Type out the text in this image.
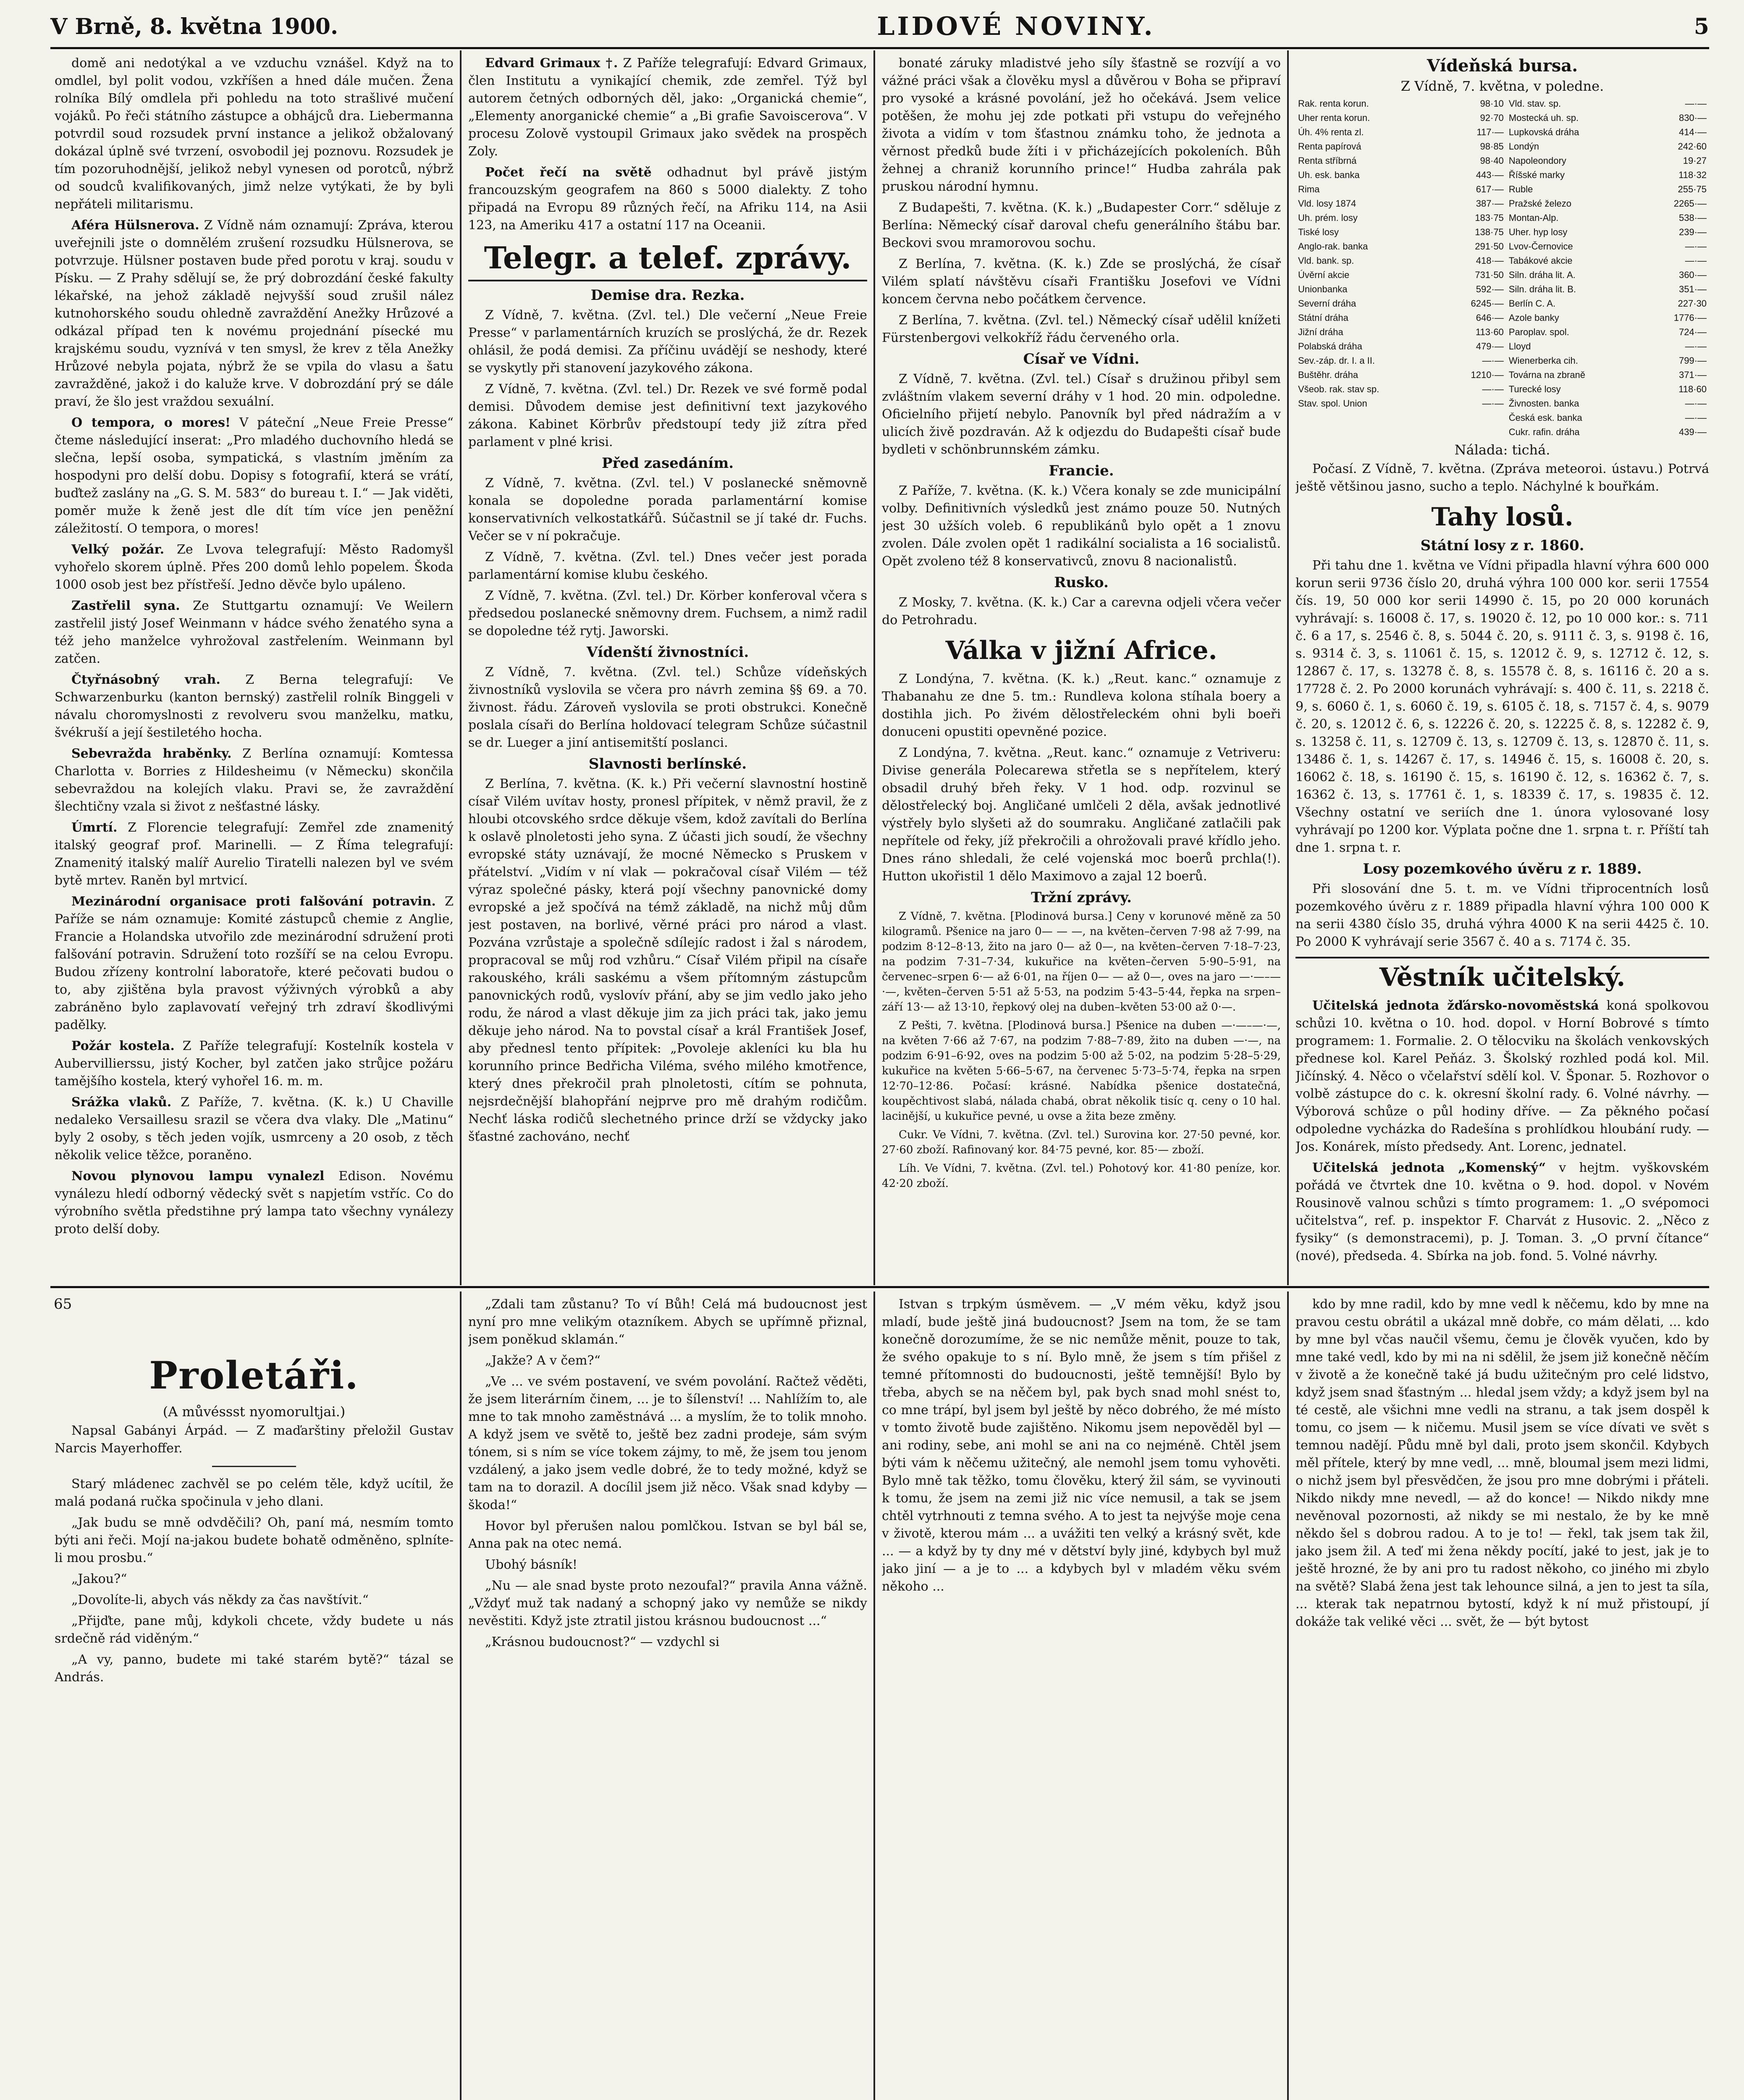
V Brně, 8. května 1900.	LIDOVÉ NOVINY.	5

domě ani nedotýkal a ve vzduchu vznášel. Když na to omdlel, byl polit vodou, vzkříšen a hned dále mučen. Žena rolníka Bílý omdlela při pohledu na toto strašlivé mučení vojáků. Po řeči státního zástupce a obhájců dra. Liebermanna potvrdil soud rozsudek první instance a jelikož obžalovaný dokázal úplně své tvrzení, osvobodil jej poznovu. Rozsudek je tím pozoruhodnější, jelikož nebyl vynesen od porotců, nýbrž od soudců kvalifikovaných, jimž nelze vytýkati, že by byli nepřáteli militarismu.

Aféra Hülsnerova. Z Vídně nám oznamují: Zpráva, kterou uveřejnili jste o domnělém zrušení rozsudku Hülsnerova, se potvrzuje. Hülsner postaven bude před porotu v kraj. soudu v Písku. — Z Prahy sdělují se, že prý dobrozdání české fakulty lékařské, na jehož základě nejvyšší soud zrušil nález kutnohorského soudu ohledně zavraždění Anežky Hrůzové a odkázal případ ten k novému projednání písecké mu krajskému soudu, vyznívá v ten smysl, že krev z těla Anežky Hrůzové nebyla pojata, nýbrž že se vpila do vlasu a šatu zavražděné, jakož i do kaluže krve. V dobrozdání prý se dále praví, že šlo jest vraždou sexuální.

O tempora, o mores! V páteční „Neue Freie Presse“ čteme následující inserat: „Pro mladého duchovního hledá se slečna, lepší osoba, sympatická, s vlastním jměním za hospodyni pro delší dobu. Dopisy s fotografií, která se vrátí, buďtež zaslány na „G. S. M. 583“ do bureau t. I.“ — Jak viděti, poměr muže k ženě jest dle dít tím více jen peněžní záležitostí. O tempora, o mores!

Velký požár. Ze Lvova telegrafují: Město Radomyšl vyhořelo skorem úplně. Přes 200 domů lehlo popelem. Škoda 1000 osob jest bez přístřeší. Jedno děvče bylo upáleno.

Zastřelil syna. Ze Stuttgartu oznamují: Ve Weilern zastřelil jistý Josef Weinmann v hádce svého ženatého syna a též jeho manželce vyhrožoval zastřelením. Weinmann byl zatčen.

Čtyřnásobný vrah. Z Berna telegrafují: Ve Schwarzenburku (kanton bernský) zastřelil rolník Binggeli v návalu choromyslnosti z revolveru svou manželku, matku, švékruší a její šestiletého hocha.

Sebevražda hraběnky. Z Berlína oznamují: Komtessa Charlotta v. Borries z Hildesheimu (v Německu) skončila sebevraždou na kolejích vlaku. Pravi se, že zavraždění šlechtičny vzala si život z nešťastné lásky.

Úmrtí. Z Florencie telegrafují: Zemřel zde znamenitý italský geograf prof. Marinelli. — Z Říma telegrafují: Znamenitý italský malíř Aurelio Tiratelli nalezen byl ve svém bytě mrtev. Raněn byl mrtvicí.

Mezinárodní organisace proti falšování potravin. Z Paříže se nám oznamuje: Komité zástupců chemie z Anglie, Francie a Holandska utvořilo zde mezinárodní sdružení proti falšování potravin. Sdružení toto rozšíří se na celou Evropu. Budou zřízeny kontrolní laboratoře, které pečovati budou o to, aby zjištěna byla pravost výživných výrobků a aby zabráněno bylo zaplavovatí veřejný trh zdraví škodlivými padělky.

Požár kostela. Z Paříže telegrafují: Kostelník kostela v Aubervillierssu, jistý Kocher, byl zatčen jako strůjce požáru tamějšího kostela, který vyhořel 16. m. m.

Srážka vlaků. Z Paříže, 7. května. (K. k.) U Chaville nedaleko Versaillesu srazil se včera dva vlaky. Dle „Matinu“ byly 2 osoby, s těch jeden vojík, usmrceny a 20 osob, z těch několik velice těžce, poraněno.

Novou plynovou lampu vynalezl Edison. Novému vynálezu hledí odborný vědecký svět s napjetím vstříc. Co do výrobního světla předstihne prý lampa tato všechny vynálezy proto delší doby.

Edvard Grimaux †. Z Paříže telegrafují: Edvard Grimaux, člen Institutu a vynikající chemik, zde zemřel. Týž byl autorem četných odborných děl, jako: „Organická chemie“, „Elementy anorganické chemie“ a „Bi grafie Savoiscerova“. V procesu Zolově vystoupil Grimaux jako svědek na prospěch Zoly.

Počet řečí na světě odhadnut byl právě jistým francouzským geografem na 860 s 5000 dialekty. Z toho připadá na Evropu 89 různých řečí, na Afriku 114, na Asii 123, na Ameriku 417 a ostatní 117 na Oceanii.

Telegr. a telef. zprávy.
Demise dra. Rezka.

Z Vídně, 7. května. (Zvl. tel.) Dle večerní „Neue Freie Presse“ v parlamentárních kruzích se proslýchá, že dr. Rezek ohlásil, že podá demisi. Za příčinu uvádějí se neshody, které se vyskytly při stanovení jazykového zákona.

Z Vídně, 7. května. (Zvl. tel.) Dr. Rezek ve své formě podal demisi. Důvodem demise jest definitivní text jazykového zákona. Kabinet Körbrův předstoupí tedy již zítra před parlament v plné krisi.

Před zasedáním.

Z Vídně, 7. května. (Zvl. tel.) V poslanecké sněmovně konala se dopoledne porada parlamentární komise konservativních velkostatkářů. Súčastnil se jí také dr. Fuchs. Večer se v ní pokračuje.

Z Vídně, 7. května. (Zvl. tel.) Dnes večer jest porada parlamentární komise klubu českého.

Z Vídně, 7. května. (Zvl. tel.) Dr. Körber konferoval včera s předsedou poslanecké sněmovny drem. Fuchsem, a nimž radil se dopoledne též rytj. Jaworski.

Vídenští živnostníci.

Z Vídně, 7. května. (Zvl. tel.) Schůze vídeňských živnostníků vyslovila se včera pro návrh zemina §§ 69. a 70. živnost. řádu. Zároveň vyslovila se proti obstrukci. Konečně poslala císaři do Berlína holdovací telegram Schůze súčastnil se dr. Lueger a jiní antisemitští poslanci.

Slavnosti berlínské.

Z Berlína, 7. května. (K. k.) Při večerní slavnostní hostině císař Vilém uvítav hosty, pronesl přípitek, v němž pravil, že z hloubi otcovského srdce děkuje všem, kdož zavítali do Berlína k oslavě plnoletosti jeho syna. Z účasti jich soudí, že všechny evropské státy uznávají, že mocné Německo s Pruskem v přátelství. „Vidím v ní vlak — pokračoval císař Vilém — též výraz společné pásky, která pojí všechny panovnické domy evropské a jež spočívá na témž základě, na nichž můj dům jest postaven, na borlivé, věrné práci pro národ a vlast. Pozvána vzrůstaje a společně sdílejíc radost i žal s národem, propracoval se můj rod vzhůru.“ Císař Vilém připil na císaře rakouského, králi saskému a všem přítomným zástupcům panovnických rodů, vyslovív přání, aby se jim vedlo jako jeho rodu, že národ a vlast děkuje jim za jich práci tak, jako jemu děkuje jeho národ. Na to povstal císař a král František Josef, aby přednesl tento přípitek: „Povoleje akleníci ku bla hu korunního prince Bedřicha Viléma, svého milého kmotřence, který dnes překročil prah plnoletosti, cítím se pohnuta, nejsrdečnější blahopřání nejprve pro mě drahým rodičům. Nechť láska rodičů slechetného prince drží se vždycky jako šťastné zachováno, nechť

bonaté záruky mladistvé jeho síly šťastně se rozvíjí a vo vážné práci však a člověku mysl a důvěrou v Boha se připraví pro vysoké a krásné povolání, jež ho očekává. Jsem velice potěšen, že mohu jej zde potkati při vstupu do veřejného života a vidím v tom šťastnou známku toho, že jednota a věrnost předků bude žíti i v přicházejících pokoleních. Bůh žehnej a chraniž korunního prince!“ Hudba zahrála pak pruskou národní hymnu.

Z Budapešti, 7. května. (K. k.) „Budapester Corr.“ sděluje z Berlína: Německý císař daroval chefu generálního štábu bar. Beckovi svou mramorovou sochu.

Z Berlína, 7. května. (K. k.) Zde se proslýchá, že císař Vilém splatí návštěvu císaři Františku Josefovi ve Vídni koncem června nebo počátkem července.

Z Berlína, 7. května. (Zvl. tel.) Německý císař udělil knížeti Fürstenbergovi velkokříž řádu červeného orla.

Císař ve Vídni.

Z Vídně, 7. května. (Zvl. tel.) Císař s družinou přibyl sem zvláštním vlakem severní dráhy v 1 hod. 20 min. odpoledne. Oficielního přijetí nebylo. Panovník byl před nádražím a v ulicích živě pozdraván. Až k odjezdu do Budapešti císař bude bydleti v schönbrunnském zámku.

Francie.

Z Paříže, 7. května. (K. k.) Včera konaly se zde municipální volby. Definitivních výsledků jest známo pouze 50. Nutných jest 30 užších voleb. 6 republikánů bylo opět a 1 znovu zvolen. Dále zvolen opět 1 radikální socialista a 16 socialistů. Opět zvoleno též 8 konservativců, znovu 8 nacionalistů.

Rusko.

Z Mosky, 7. května. (K. k.) Car a carevna odjeli včera večer do Petrohradu.

Válka v jižní Africe.

Z Londýna, 7. května. (K. k.) „Reut. kanc.“ oznamuje z Thabanahu ze dne 5. tm.: Rundleva kolona stíhala boery a dostihla jich. Po živém dělostřeleckém ohni byli boeři donuceni opustiti opevněné pozice.

Z Londýna, 7. května. „Reut. kanc.“ oznamuje z Vetriveru: Divise generála Polecarewa střetla se s nepřítelem, který obsadil druhý břeh řeky. V 1 hod. odp. rozvinul se dělostřelecký boj. Angličané umlčeli 2 děla, avšak jednotlivé výstřely bylo slyšeti až do soumraku. Angličané zatlačili pak nepřítele od řeky, jíž překročili a ohrožovali pravé křídlo jeho. Dnes ráno shledali, že celé vojenská moc boerů prchla(!). Hutton ukořistil 1 dělo Maximovo a zajal 12 boerů.

Tržní zprávy.

Z Vídně, 7. května. [Plodinová bursa.] Ceny v korunové měně za 50 kilogramů. Pšenice na jaro 0— — —, na květen–červen 7·98 až 7·99, na podzim 8·12–8·13, žito na jaro 0— až 0—, na květen–červen 7·18–7·23, na podzim 7·31–7·34, kukuřice na květen–červen 5·90–5·91, na červenec–srpen 6·— až 6·01, na říjen 0— — až 0—, oves na jaro —·—–—·—, květen–červen 5·51 až 5·53, na podzim 5·43–5·44, řepka na srpen–září 13·— až 13·10, řepkový olej na duben–květen 53·00 až 0·—.

Z Pešti, 7. května. [Plodinová bursa.] Pšenice na duben —·—–—·—, na květen 7·66 až 7·67, na podzim 7·88–7·89, žito na duben —·—, na podzim 6·91–6·92, oves na podzim 5·00 až 5·02, na podzim 5·28–5·29, kukuřice na květen 5·66–5·67, na červenec 5·73–5·74, řepka na srpen 12·70–12·86. Počasí: krásné. Nabídka pšenice dostatečná, koupěchtivost slabá, nálada chabá, obrat několik tisíc q. ceny o 10 hal. lacinější, u kukuřice pevné, u ovse a žita beze změny.

Cukr. Ve Vídni, 7. května. (Zvl. tel.) Surovina kor. 27·50 pevné, kor. 27·60 zboží. Rafinovaný kor. 84·75 pevné, kor. 85·— zboží.

Líh. Ve Vídni, 7. května. (Zvl. tel.) Pohotový kor. 41·80 peníze, kor. 42·20 zboží.

Vídeňská bursa.
Z Vídně, 7. května, v poledne.
Rak. renta korun.	98·10	Vld. stav. sp.	—·—
Uher renta korun.	92·70	Mostecká uh. sp.	830·—
Úh. 4% renta zl.	117·—	Lupkovská dráha	414·—
Renta papírová	98·85	Londýn	242·60
Renta stříbrná	98·40	Napoleondory	19·27
Uh. esk. banka	443·—	Říšské marky	118·32
Rima	617·—	Ruble	255·75
Vld. losy 1874	387·—	Pražské železo	2265·—
Uh. prém. losy	183·75	Montan-Alp.	538·—
Tiské losy	138·75	Uher. hyp losy	239·—
Anglo-rak. banka	291·50	Lvov-Černovice	—·—
Vld. bank. sp.	418·—	Tabákové akcie	—·—
Úvěrní akcie	731·50	Siln. dráha lit. A.	360·—
Unionbanka	592·—	Siln. dráha lit. B.	351·—
Severní dráha	6245·—	Berlín C. A.	227·30
Státní dráha	646·—	Azole banky	1776·—
Jižní dráha	113·60	Paroplav. spol.	724·—
Polabská dráha	479·—	Lloyd	—·—
Sev.-záp. dr. I. a II.	—·—	Wienerberka cih.	799·—
Buštěhr. dráha	1210·—	Továrna na zbraně	371·—
Všeob. rak. stav sp.	—·—	Turecké losy	118·60
Stav. spol. Union	—·—	Živnosten. banka	—·—
		Česká esk. banka	—·—
		Cukr. rafin. dráha	439·—
Nálada: tichá.

Počasí. Z Vídně, 7. května. (Zpráva meteoroi. ústavu.) Potrvá ještě většinou jasno, sucho a teplo. Náchylné k bouřkám.

Tahy losů.
Státní losy z r. 1860.

Při tahu dne 1. května ve Vídni připadla hlavní výhra 600 000 korun serii 9736 číslo 20, druhá výhra 100 000 kor. serii 17554 čís. 19, 50 000 kor serii 14990 č. 15, po 20 000 korunách vyhrávají: s. 16008 č. 17, s. 19020 č. 12, po 10 000 kor.: s. 711 č. 6 a 17, s. 2546 č. 8, s. 5044 č. 20, s. 9111 č. 3, s. 9198 č. 16, s. 9314 č. 3, s. 11061 č. 15, s. 12012 č. 9, s. 12712 č. 12, s. 12867 č. 17, s. 13278 č. 8, s. 15578 č. 8, s. 16116 č. 20 a s. 17728 č. 2. Po 2000 korunách vyhrávají: s. 400 č. 11, s. 2218 č. 9, s. 6060 č. 1, s. 6060 č. 19, s. 6105 č. 18, s. 7157 č. 4, s. 9079 č. 20, s. 12012 č. 6, s. 12226 č. 20, s. 12225 č. 8, s. 12282 č. 9, s. 13258 č. 11, s. 12709 č. 13, s. 12709 č. 13, s. 12870 č. 11, s. 13486 č. 1, s. 14267 č. 17, s. 14946 č. 15, s. 16008 č. 20, s. 16062 č. 18, s. 16190 č. 15, s. 16190 č. 12, s. 16362 č. 7, s. 16362 č. 13, s. 17761 č. 1, s. 18339 č. 17, s. 19835 č. 12. Všechny ostatní ve seriích dne 1. února vylosované losy vyhrávají po 1200 kor. Výplata počne dne 1. srpna t. r. Příští tah dne 1. srpna t. r.

Losy pozemkového úvěru z r. 1889.

Při slosování dne 5. t. m. ve Vídni třiprocentních losů pozemkového úvěru z r. 1889 připadla hlavní výhra 100 000 K na serii 4380 číslo 35, druhá výhra 4000 K na serii 4425 č. 10. Po 2000 K vyhrávají serie 3567 č. 40 a s. 7174 č. 35.

Věstník učitelský.

Učitelská jednota žďársko-novoměstská koná spolkovou schůzi 10. května o 10. hod. dopol. v Horní Bobrové s tímto programem: 1. Formalie. 2. O tělocviku na školách venkovských přednese kol. Karel Peňáz. 3. Školský rozhled podá kol. Mil. Jičínský. 4. Něco o včelařství sdělí kol. V. Šponar. 5. Rozhovor o volbě zástupce do c. k. okresní školní rady. 6. Volné návrhy. — Výborová schůze o půl hodiny dříve. — Za pěkného počasí odpoledne vycházka do Radešína s prohlídkou hloubání rudy. — Jos. Konárek, místo předsedy. Ant. Lorenc, jednatel.

Učitelská jednota „Komenský“ v hejtm. vyškovském pořádá ve čtvrtek dne 10. května o 9. hod. dopol. v Novém Rousinově valnou schůzi s tímto programem: 1. „O svépomoci učitelstva“, ref. p. inspektor F. Charvát z Husovic. 2. „Něco z fysiky“ (s demonstracemi), p. J. Toman. 3. „O první čítance“ (nové), předseda. 4. Sbírka na job. fond. 5. Volné návrhy.

65
Proletáři.
(A můvéssst nyomorultjai.)

Napsal Gabányi Árpád. — Z maďarštiny přeložil Gustav Narcis Mayerhoffer.

Starý mládenec zachvěl se po celém těle, když ucítil, že malá podaná ručka spočinula v jeho dlani.

„Jak budu se mně odvděčili? Oh, paní má, nesmím tomto býti ani řeči. Mojí na-jakou budete bohatě odměněno, splníte-li mou prosbu.“

„Jakou?“

„Dovolíte-li, abych vás někdy za čas navštívit.“

„Přijďte, pane můj, kdykoli chcete, vždy budete u nás srdečně rád viděným.“

„A vy, panno, budete mi také starém bytě?“ tázal se András.

„Zdali tam zůstanu? To ví Bůh! Celá má budoucnost jest nyní pro mne velikým otazníkem. Abych se upřímně přiznal, jsem poněkud sklamán.“

„Jakže? A v čem?“

„Ve ... ve svém postavení, ve svém povolání. Račtež věděti, že jsem literárním činem, ... je to šílenství! ... Nahlížím to, ale mne to tak mnoho zaměstnává ... a myslím, že to tolik mnoho. A když jsem ve světě to, ještě bez zadni prodeje, sám svým tónem, si s ním se více tokem zájmy, to mě, že jsem tou jenom vzdálený, a jako jsem vedle dobré, že to tedy možné, když se tam na to dorazil. A docílil jsem již něco. Však snad kdyby — škoda!“

Hovor byl přerušen nalou pomlčkou. Istvan se byl bál se, Anna pak na otec nemá.

Ubohý básník!

„Nu — ale snad byste proto nezoufal?“ pravila Anna vážně. „Vždyť muž tak nadaný a schopný jako vy nemůže se nikdy nevěstiti. Když jste ztratil jistou krásnou budoucnost ...“

„Krásnou budoucnost?“ — vzdychl si

Istvan s trpkým úsměvem. — „V mém věku, když jsou mladí, bude ještě jiná budoucnost? Jsem na tom, že se tam konečně dorozumíme, že se nic nemůže měnit, pouze to tak, že svého opakuje to s ní. Bylo mně, že jsem s tím přišel z temné přítomnosti do budoucnosti, ještě temnější! Bylo by třeba, abych se na něčem byl, pak bych snad mohl snést to, co mne trápí, byl jsem byl ještě by něco dobrého, že mé místo v tomto životě bude zajištěno. Nikomu jsem nepověděl byl — ani rodiny, sebe, ani mohl se ani na co nejméně. Chtěl jsem býti vám k něčemu užitečný, ale nemohl jsem tomu vyhověti. Bylo mně tak těžko, tomu člověku, který žil sám, se vyvinouti k tomu, že jsem na zemi již nic více nemusil, a tak se jsem chtěl vytrhnouti z temna svého. A to jest ta nejvýše moje cena v životě, kterou mám ... a uvážiti ten velký a krásný svět, kde ... — a když by ty dny mé v dětství byly jiné, kdybych byl muž jako jiní — a je to ... a kdybych byl v mladém věku svém někoho ...

kdo by mne radil, kdo by mne vedl k něčemu, kdo by mne na pravou cestu obrátil a ukázal mně dobře, co mám dělati, ... kdo by mne byl včas naučil všemu, čemu je člověk vyučen, kdo by mne také vedl, kdo by mi na ni sdělil, že jsem již konečně něčím v životě a že konečně také já budu užitečným pro celé lidstvo, když jsem snad šťastným ... hledal jsem vždy; a když jsem byl na té cestě, ale všichni mne vedli na stranu, a tak jsem dospěl k tomu, co jsem — k ničemu. Musil jsem se více dívati ve svět s temnou nadějí. Půdu mně byl dali, proto jsem skončil. Kdybych měl přítele, který by mne vedl, ... mně, bloumal jsem mezi lidmi, o nichž jsem byl přesvědčen, že jsou pro mne dobrými i přáteli. Nikdo nikdy mne nevedl, — až do konce! — Nikdo nikdy mne nevěnoval pozornosti, až nikdy se mi nestalo, že by ke mně někdo šel s dobrou radou. A to je to! — řekl, tak jsem tak žil, jako jsem žil. A teď mi žena někdy pocítí, jaké to jest, jak je to ještě hrozné, že by ani pro tu radost někoho, co jiného mi zbylo na světě? Slabá žena jest tak lehounce silná, a jen to jest ta síla, ... kterak tak nepatrnou bytostí, když k ní muž přistoupí, jí dokáže tak veliké věci ... svět, že — být bytost
